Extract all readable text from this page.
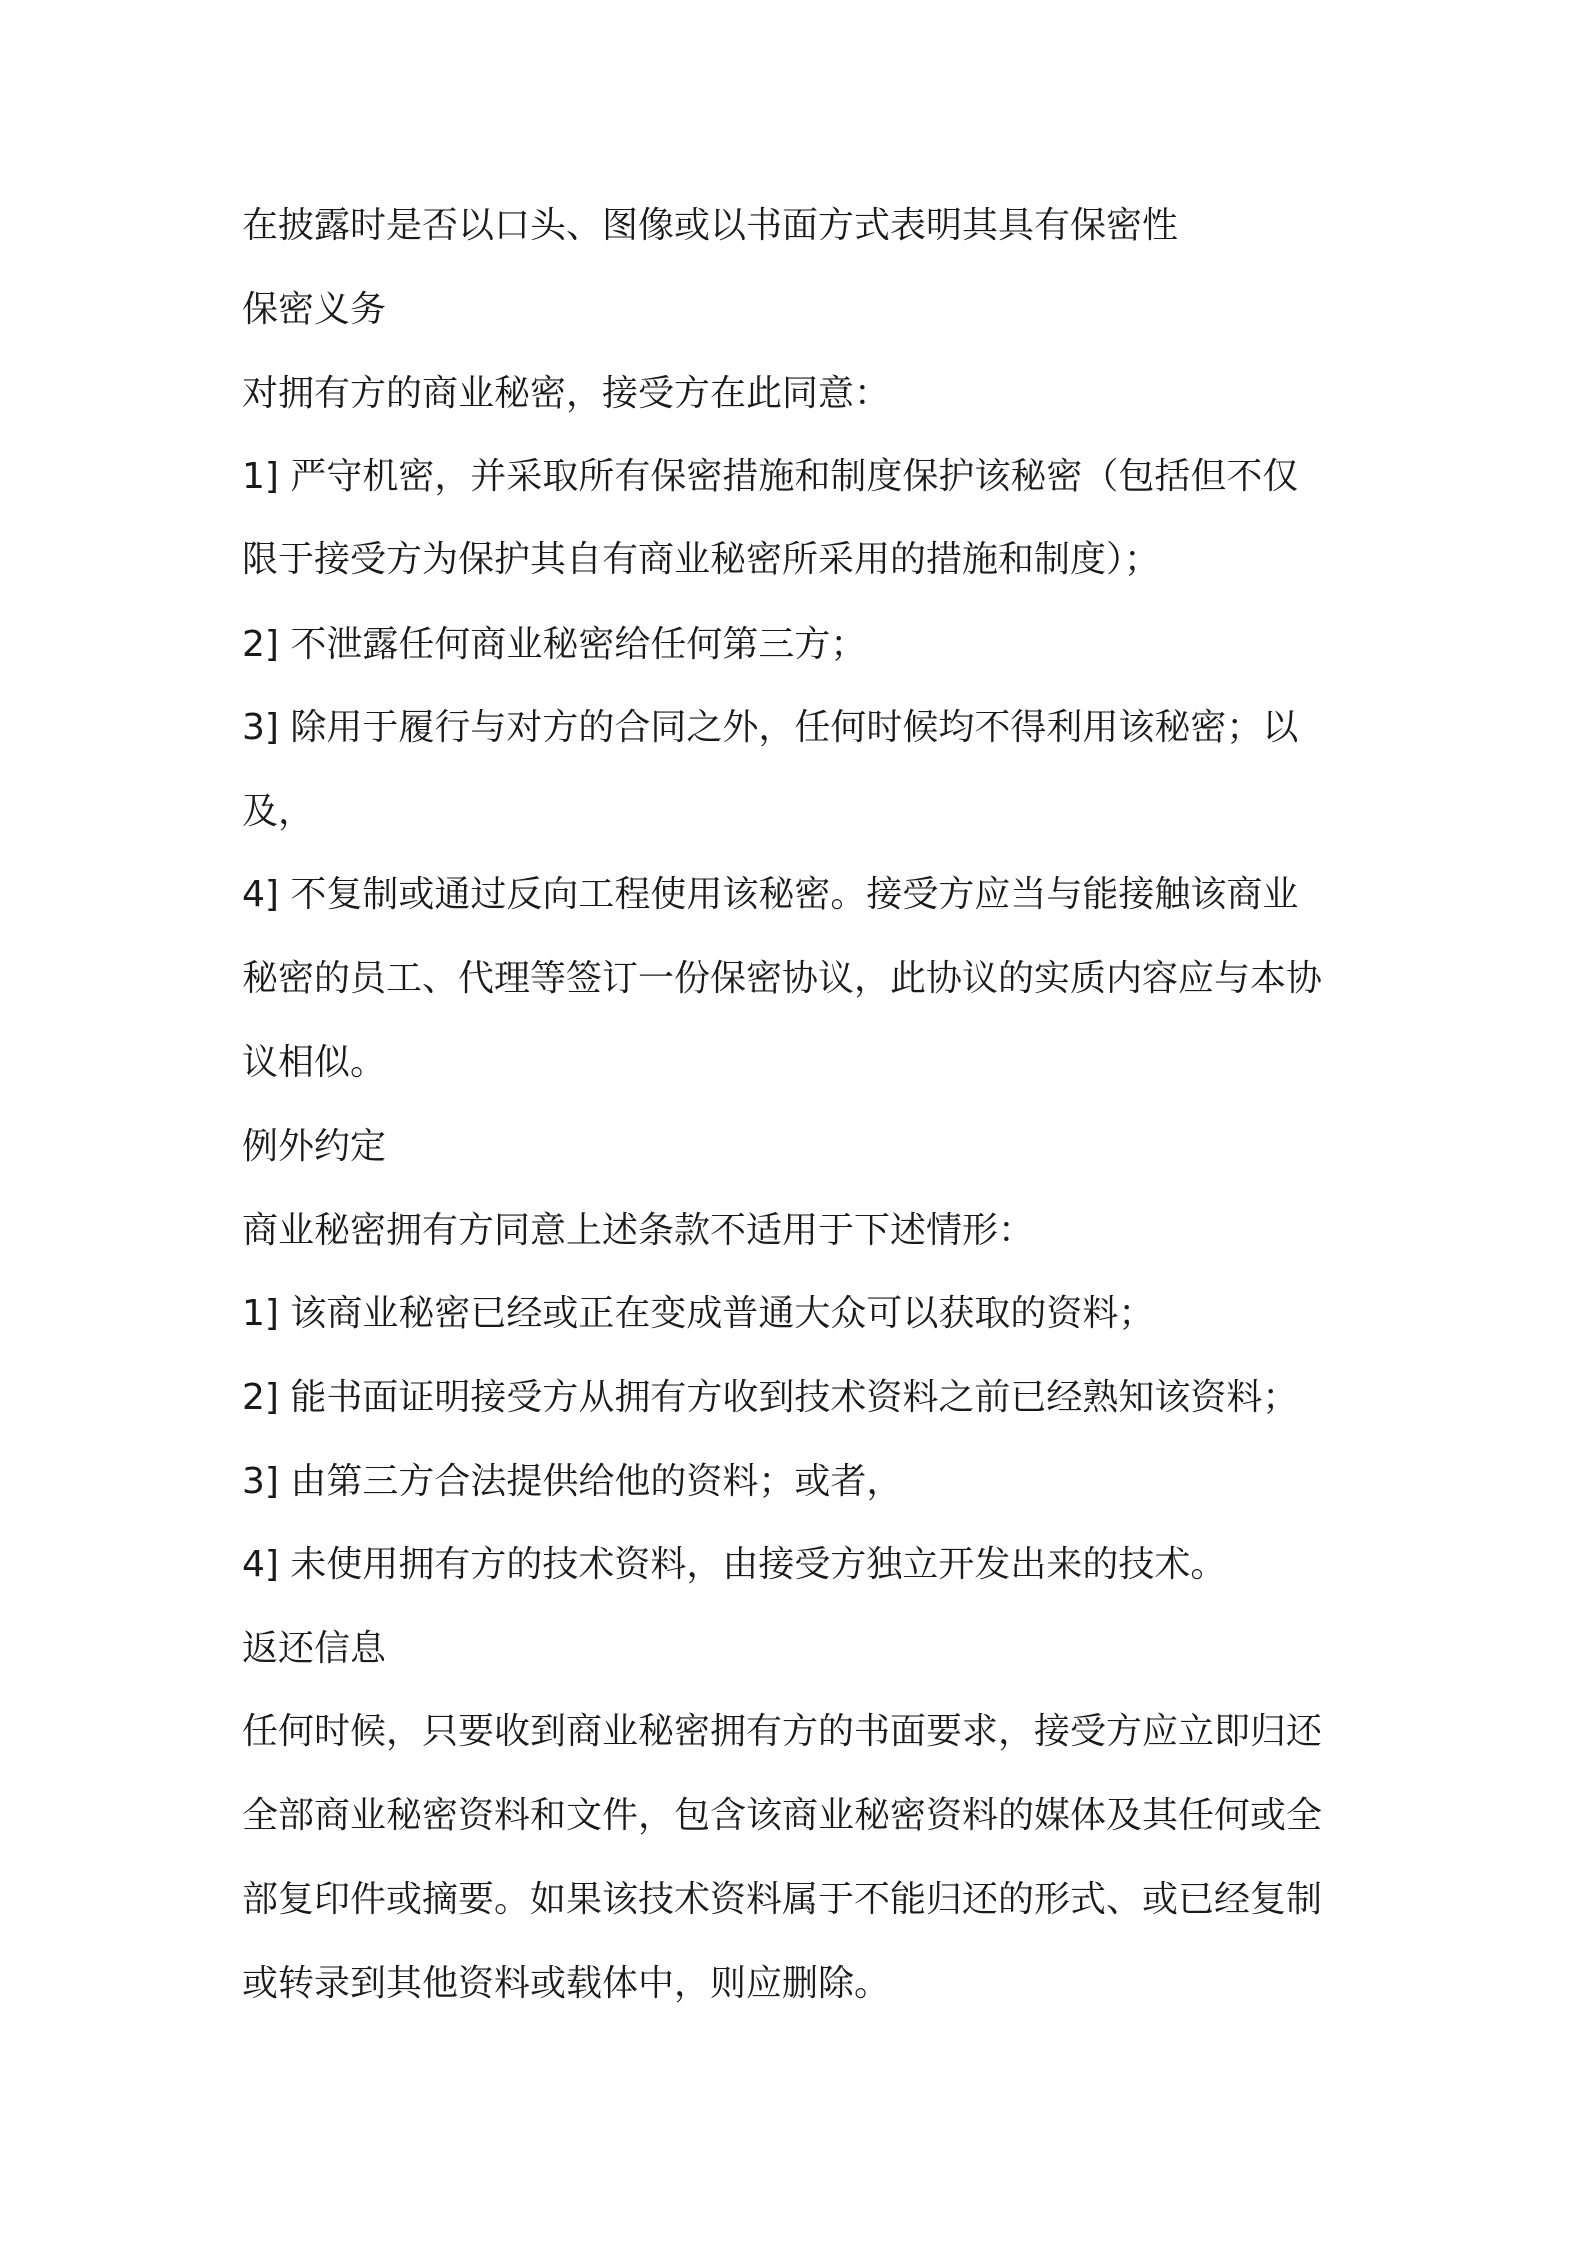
在披露时是否以口头、图像或以书面方式表明其具有保密性

保密义务

对拥有方的商业秘密，接受方在此同意：

1] 严守机密，并采取所有保密措施和制度保护该秘密（包括但不仅

限于接受方为保护其自有商业秘密所采用的措施和制度）；

2] 不泄露任何商业秘密给任何第三方；

3] 除用于履行与对方的合同之外，任何时候均不得利用该秘密；以

及，

4] 不复制或通过反向工程使用该秘密。接受方应当与能接触该商业

秘密的员工、代理等签订一份保密协议，此协议的实质内容应与本协

议相似。

例外约定

商业秘密拥有方同意上述条款不适用于下述情形：

1] 该商业秘密已经或正在变成普通大众可以获取的资料；

2] 能书面证明接受方从拥有方收到技术资料之前已经熟知该资料；

3] 由第三方合法提供给他的资料；或者，

4] 未使用拥有方的技术资料，由接受方独立开发出来的技术。

返还信息

任何时候，只要收到商业秘密拥有方的书面要求，接受方应立即归还

全部商业秘密资料和文件，包含该商业秘密资料的媒体及其任何或全

部复印件或摘要。如果该技术资料属于不能归还的形式、或已经复制

或转录到其他资料或载体中，则应删除。
